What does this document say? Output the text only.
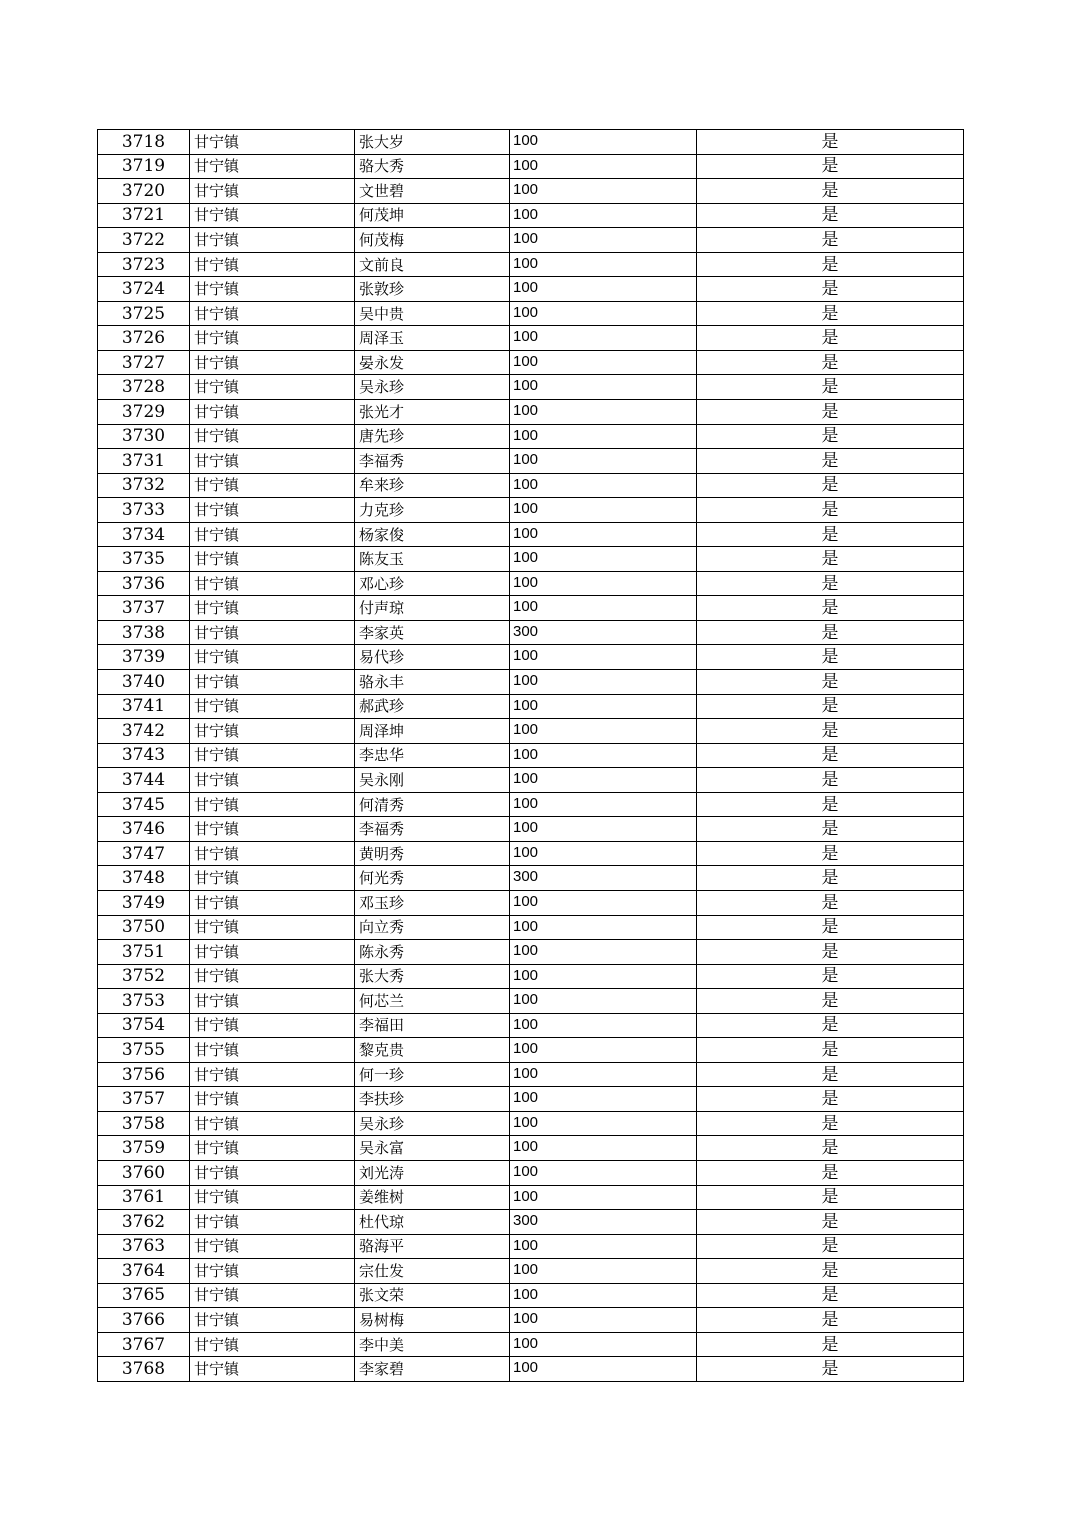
3718	甘宁镇	张大岁	100	是
3719	甘宁镇	骆大秀	100	是
3720	甘宁镇	文世碧	100	是
3721	甘宁镇	何茂坤	100	是
3722	甘宁镇	何茂梅	100	是
3723	甘宁镇	文前良	100	是
3724	甘宁镇	张敦珍	100	是
3725	甘宁镇	吴中贵	100	是
3726	甘宁镇	周泽玉	100	是
3727	甘宁镇	晏永发	100	是
3728	甘宁镇	吴永珍	100	是
3729	甘宁镇	张光才	100	是
3730	甘宁镇	唐先珍	100	是
3731	甘宁镇	李福秀	100	是
3732	甘宁镇	牟来珍	100	是
3733	甘宁镇	力克珍	100	是
3734	甘宁镇	杨家俊	100	是
3735	甘宁镇	陈友玉	100	是
3736	甘宁镇	邓心珍	100	是
3737	甘宁镇	付声琼	100	是
3738	甘宁镇	李家英	300	是
3739	甘宁镇	易代珍	100	是
3740	甘宁镇	骆永丰	100	是
3741	甘宁镇	郝武珍	100	是
3742	甘宁镇	周泽坤	100	是
3743	甘宁镇	李忠华	100	是
3744	甘宁镇	吴永刚	100	是
3745	甘宁镇	何清秀	100	是
3746	甘宁镇	李福秀	100	是
3747	甘宁镇	黄明秀	100	是
3748	甘宁镇	何光秀	300	是
3749	甘宁镇	邓玉珍	100	是
3750	甘宁镇	向立秀	100	是
3751	甘宁镇	陈永秀	100	是
3752	甘宁镇	张大秀	100	是
3753	甘宁镇	何芯兰	100	是
3754	甘宁镇	李福田	100	是
3755	甘宁镇	黎克贵	100	是
3756	甘宁镇	何一珍	100	是
3757	甘宁镇	李扶珍	100	是
3758	甘宁镇	吴永珍	100	是
3759	甘宁镇	吴永富	100	是
3760	甘宁镇	刘光涛	100	是
3761	甘宁镇	姜维树	100	是
3762	甘宁镇	杜代琼	300	是
3763	甘宁镇	骆海平	100	是
3764	甘宁镇	宗仕发	100	是
3765	甘宁镇	张文荣	100	是
3766	甘宁镇	易树梅	100	是
3767	甘宁镇	李中美	100	是
3768	甘宁镇	李家碧	100	是
